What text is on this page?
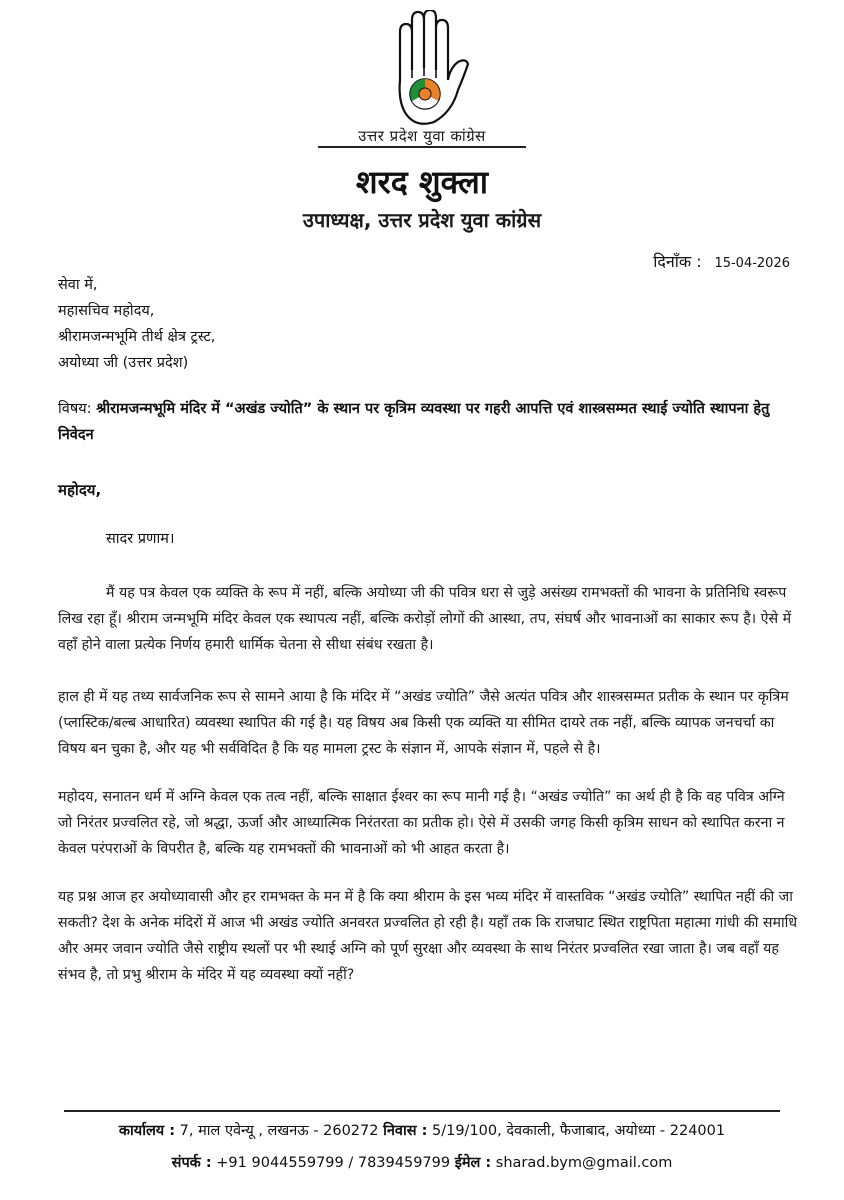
उत्तर प्रदेश युवा कांग्रेस
शरद शुक्ला
उपाध्यक्ष, उत्तर प्रदेश युवा कांग्रेस
दिनाँक : 15-04-2026
सेवा में,
महासचिव महोदय,
श्रीरामजन्मभूमि तीर्थ क्षेत्र ट्रस्ट,
अयोध्या जी (उत्तर प्रदेश)
विषय: श्रीरामजन्मभूमि मंदिर में “अखंड ज्योति” के स्थान पर कृत्रिम व्यवस्था पर गहरी आपत्ति एवं शास्त्रसम्मत स्थाई ज्योति स्थापना हेतु निवेदन
महोदय,
सादर प्रणाम।

मैं यह पत्र केवल एक व्यक्ति के रूप में नहीं, बल्कि अयोध्या जी की पवित्र धरा से जुड़े असंख्य रामभक्तों की भावना के प्रतिनिधि स्वरूप लिख रहा हूँ। श्रीराम जन्मभूमि मंदिर केवल एक स्थापत्य नहीं, बल्कि करोड़ों लोगों की आस्था, तप, संघर्ष और भावनाओं का साकार रूप है। ऐसे में वहाँ होने वाला प्रत्येक निर्णय हमारी धार्मिक चेतना से सीधा संबंध रखता है।

हाल ही में यह तथ्य सार्वजनिक रूप से सामने आया है कि मंदिर में “अखंड ज्योति” जैसे अत्यंत पवित्र और शास्त्रसम्मत प्रतीक के स्थान पर कृत्रिम (प्लास्टिक/बल्ब आधारित) व्यवस्था स्थापित की गई है। यह विषय अब किसी एक व्यक्ति या सीमित दायरे तक नहीं, बल्कि व्यापक जनचर्चा का विषय बन चुका है, और यह भी सर्वविदित है कि यह मामला ट्रस्ट के संज्ञान में, आपके संज्ञान में, पहले से है।

महोदय, सनातन धर्म में अग्नि केवल एक तत्व नहीं, बल्कि साक्षात ईश्वर का रूप मानी गई है। “अखंड ज्योति” का अर्थ ही है कि वह पवित्र अग्नि जो निरंतर प्रज्वलित रहे, जो श्रद्धा, ऊर्जा और आध्यात्मिक निरंतरता का प्रतीक हो। ऐसे में उसकी जगह किसी कृत्रिम साधन को स्थापित करना न केवल परंपराओं के विपरीत है, बल्कि यह रामभक्तों की भावनाओं को भी आहत करता है।

यह प्रश्न आज हर अयोध्यावासी और हर रामभक्त के मन में है कि क्या श्रीराम के इस भव्य मंदिर में वास्तविक “अखंड ज्योति” स्थापित नहीं की जा सकती? देश के अनेक मंदिरों में आज भी अखंड ज्योति अनवरत प्रज्वलित हो रही है। यहाँ तक कि राजघाट स्थित राष्ट्रपिता महात्मा गांधी की समाधि और अमर जवान ज्योति जैसे राष्ट्रीय स्थलों पर भी स्थाई अग्नि को पूर्ण सुरक्षा और व्यवस्था के साथ निरंतर प्रज्वलित रखा जाता है। जब वहाँ यह संभव है, तो प्रभु श्रीराम के मंदिर में यह व्यवस्था क्यों नहीं?

कार्यालय : 7, माल एवेन्यू , लखनऊ - 260272 निवास : 5/19/100, देवकाली, फैजाबाद, अयोध्या - 224001
संपर्क : +91 9044559799 / 7839459799 ईमेल : sharad.bym@gmail.com
